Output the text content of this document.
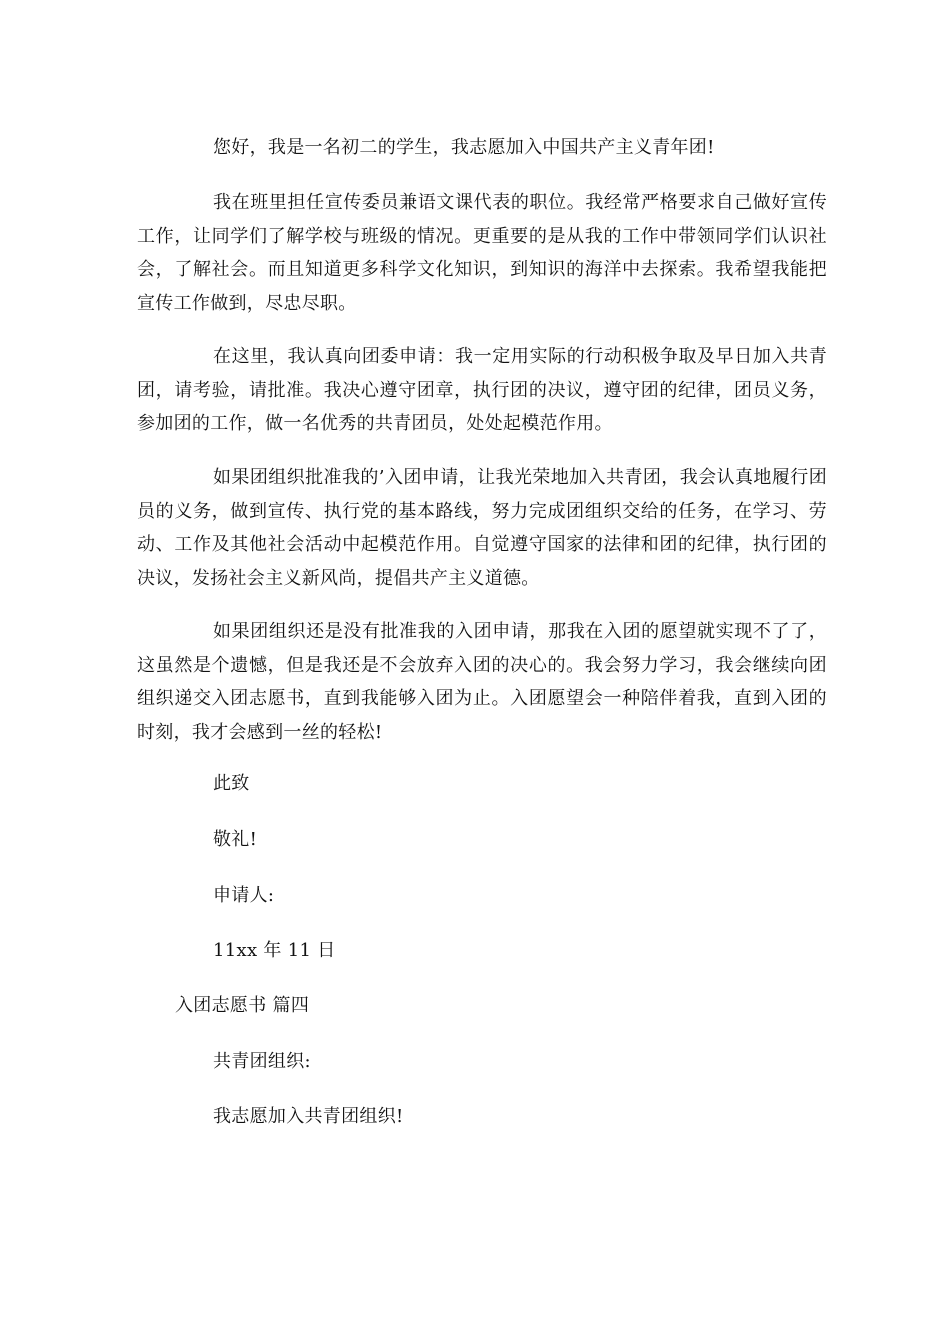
您好，我是一名初二的学生，我志愿加入中国共产主义青年团!

我在班里担任宣传委员兼语文课代表的职位。我经常严格要求自己做好宣传工作，让同学们了解学校与班级的情况。更重要的是从我的工作中带领同学们认识社会，了解社会。而且知道更多科学文化知识，到知识的海洋中去探索。我希望我能把宣传工作做到，尽忠尽职。

在这里，我认真向团委申请：我一定用实际的行动积极争取及早日加入共青团，请考验，请批准。我决心遵守团章，执行团的决议，遵守团的纪律，团员义务，参加团的工作，做一名优秀的共青团员，处处起模范作用。

如果团组织批准我的’入团申请，让我光荣地加入共青团，我会认真地履行团员的义务，做到宣传、执行党的基本路线，努力完成团组织交给的任务，在学习、劳动、工作及其他社会活动中起模范作用。自觉遵守国家的法律和团的纪律，执行团的决议，发扬社会主义新风尚，提倡共产主义道德。

如果团组织还是没有批准我的入团申请，那我在入团的愿望就实现不了了，这虽然是个遗憾，但是我还是不会放弃入团的决心的。我会努力学习，我会继续向团组织递交入团志愿书，直到我能够入团为止。入团愿望会一种陪伴着我，直到入团的时刻，我才会感到一丝的轻松!

此致
敬礼!
申请人:
11xx 年 11 日
入团志愿书 篇四
共青团组织:
我志愿加入共青团组织!
